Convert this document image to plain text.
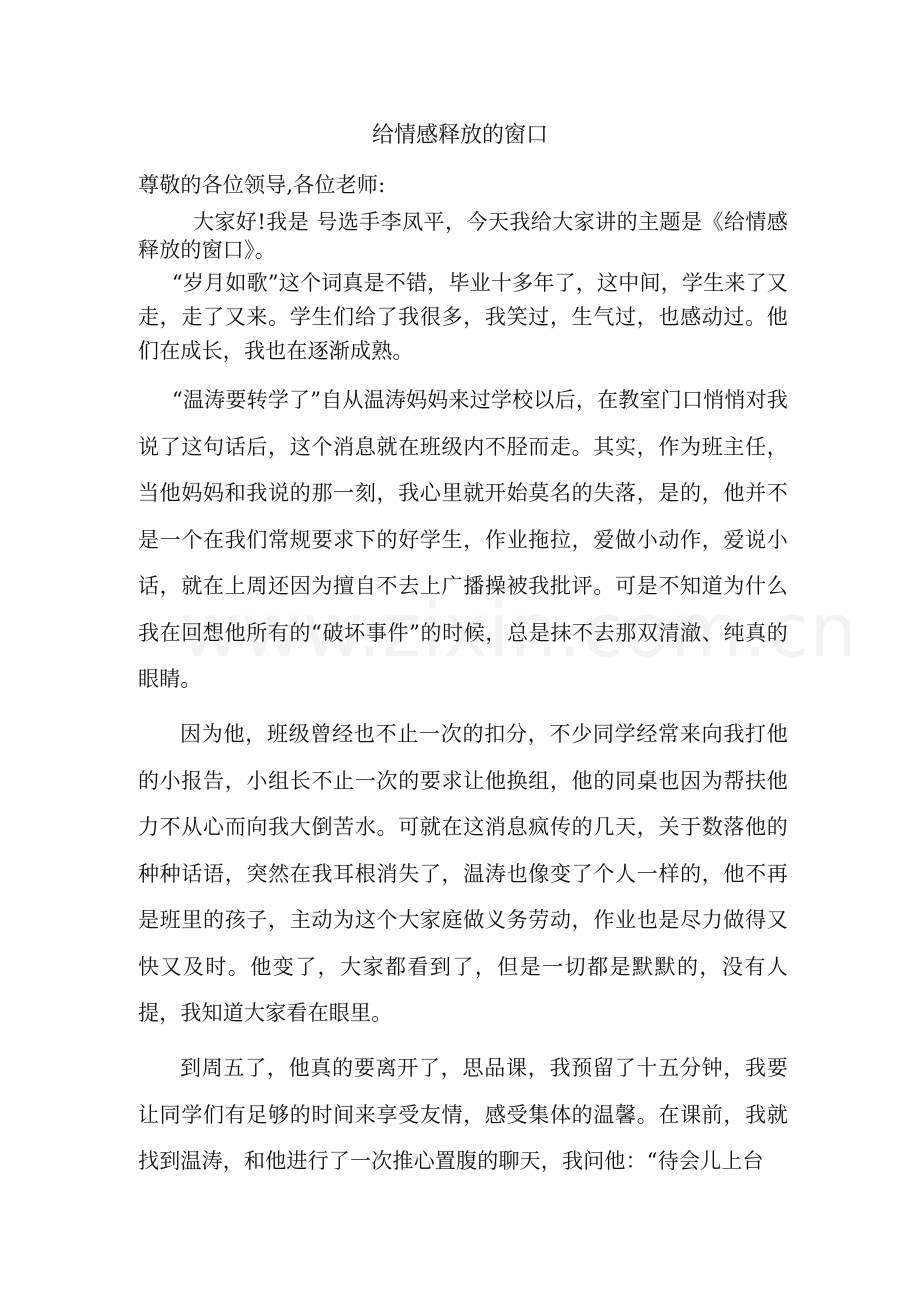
给情感释放的窗口
尊敬的各位领导,各位老师:
大家好!我是 号选手李凤平，今天我给大家讲的主题是《给情感释放的窗口》。
“岁月如歌”这个词真是不错，毕业十多年了，这中间，学生来了又走，走了又来。学生们给了我很多，我笑过，生气过，也感动过。他们在成长，我也在逐渐成熟。
“温涛要转学了”自从温涛妈妈来过学校以后，在教室门口悄悄对我说了这句话后，这个消息就在班级内不胫而走。其实，作为班主任，当他妈妈和我说的那一刻，我心里就开始莫名的失落，是的，他并不是一个在我们常规要求下的好学生，作业拖拉，爱做小动作，爱说小话，就在上周还因为擅自不去上广播操被我批评。可是不知道为什么我在回想他所有的“破坏事件”的时候，总是抹不去那双清澈、纯真的眼睛。
因为他，班级曾经也不止一次的扣分，不少同学经常来向我打他的小报告，小组长不止一次的要求让他换组，他的同桌也因为帮扶他力不从心而向我大倒苦水。可就在这消息疯传的几天，关于数落他的种种话语，突然在我耳根消失了，温涛也像变了个人一样的，他不再是班里的孩子，主动为这个大家庭做义务劳动，作业也是尽力做得又快又及时。他变了，大家都看到了，但是一切都是默默的，没有人提，我知道大家看在眼里。
到周五了，他真的要离开了，思品课，我预留了十五分钟，我要让同学们有足够的时间来享受友情，感受集体的温馨。在课前，我就找到温涛，和他进行了一次推心置腹的聊天，我问他：“待会儿上台
